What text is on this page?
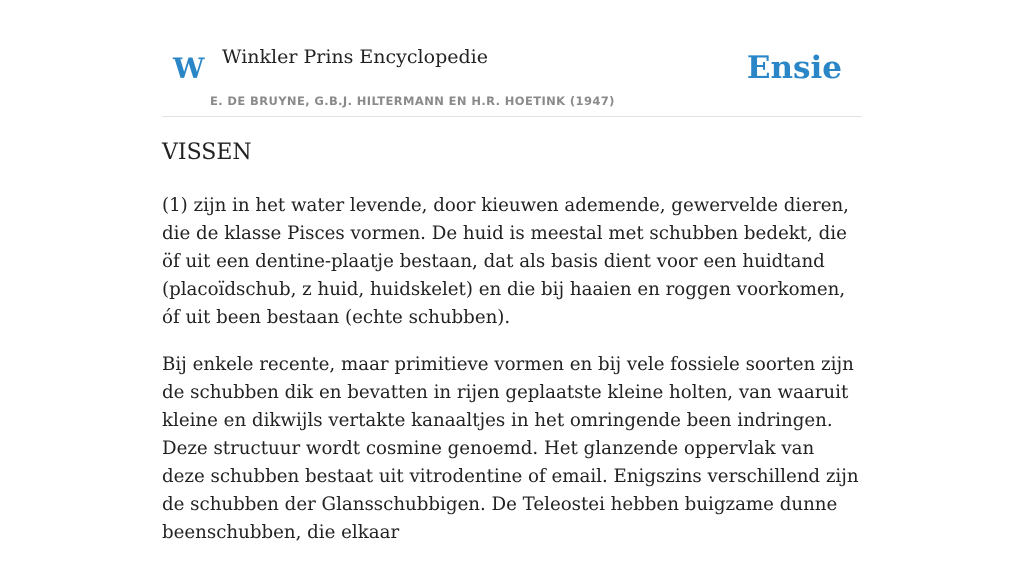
W Winkler Prins Encyclopedie
E. DE BRUYNE, G.B.J. HILTERMANN EN H.R. HOETINK (1947)
Ensie
VISSEN

(1) zijn in het water levende, door kieuwen ademende, gewervelde dieren, die de klasse Pisces vormen. De huid is meestal met schubben bedekt, die öf uit een dentine-plaatje bestaan, dat als basis dient voor een huidtand (placoïdschub, z huid, huidskelet) en die bij haaien en roggen voorkomen, óf uit been bestaan (echte schubben).

Bij enkele recente, maar primitieve vormen en bij vele fossiele soorten zijn de schubben dik en bevatten in rijen geplaatste kleine holten, van waaruit kleine en dikwijls vertakte kanaaltjes in het omringende been indringen. Deze structuur wordt cosmine genoemd. Het glanzende oppervlak van deze schubben bestaat uit vitrodentine of email. Enigszins verschillend zijn de schubben der Glansschubbigen. De Teleostei hebben buigzame dunne beenschubben, die elkaar
